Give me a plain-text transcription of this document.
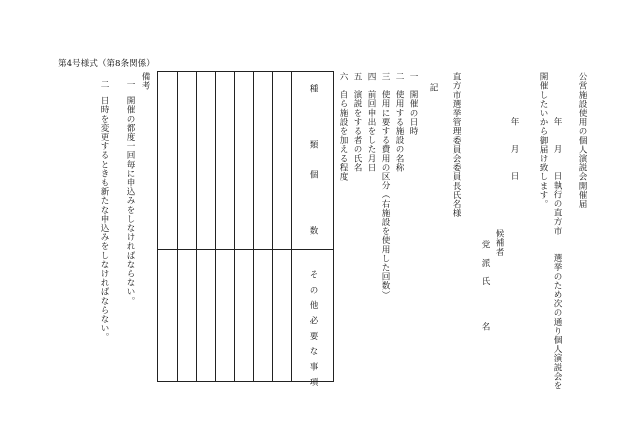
第4号様式（第8条関係）
公営施設使用の個人演説会開催届
年　　月　　日執行の直方市　　選挙のため次の通り個人演説会を
開催したいから御届け致します。
年　　月　　日
候補者
党　派　氏　　　　名
直方市選挙管理委員会委員長氏名様
記
一
開催の日時
二
使用する施設の名称
三
使用に要する費用の区分（右施設を使用した回数）
四
前回申出をした月日
五
演説をする者の氏名
六
自ら施設を加える程度
種　　類
個　　数
そ の 他 必 要 な 事 項
備考
一
開催の都度一回毎に申込みをしなければならない。
二
日時を変更するときも新たな申込みをしなければならない。
